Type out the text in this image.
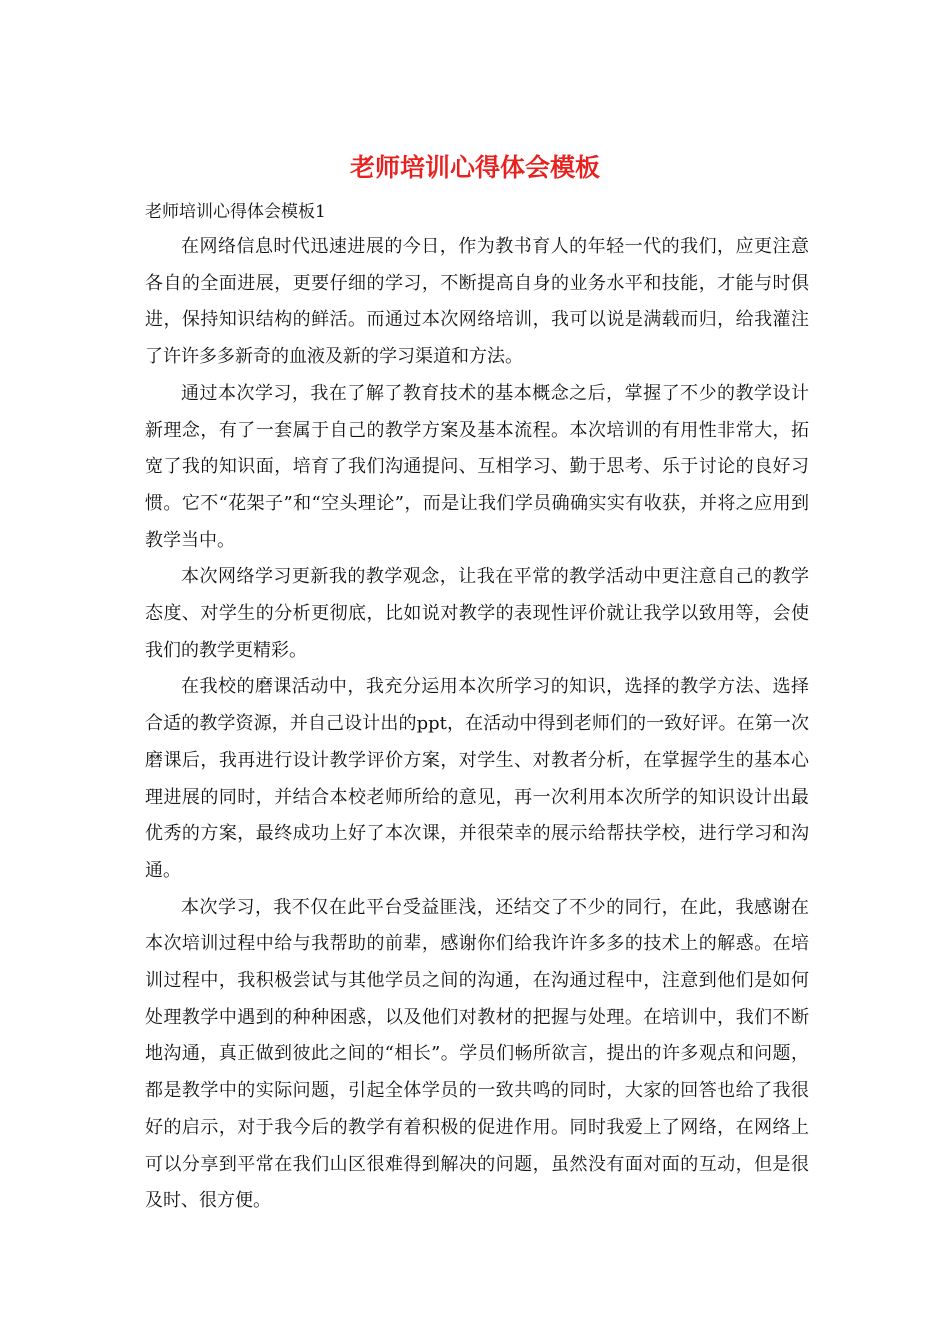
老师培训心得体会模板
老师培训心得体会模板1

在网络信息时代迅速进展的今日，作为教书育人的年轻一代的我们，应更注意各自的全面进展，更要仔细的学习，不断提高自身的业务水平和技能，才能与时俱进，保持知识结构的鲜活。而通过本次网络培训，我可以说是满载而归，给我灌注了许许多多新奇的血液及新的学习渠道和方法。

通过本次学习，我在了解了教育技术的基本概念之后，掌握了不少的教学设计新理念，有了一套属于自己的教学方案及基本流程。本次培训的有用性非常大，拓宽了我的知识面，培育了我们沟通提问、互相学习、勤于思考、乐于讨论的良好习惯。它不“花架子”和“空头理论”，而是让我们学员确确实实有收获，并将之应用到教学当中。

本次网络学习更新我的教学观念，让我在平常的教学活动中更注意自己的教学态度、对学生的分析更彻底，比如说对教学的表现性评价就让我学以致用等，会使我们的教学更精彩。

在我校的磨课活动中，我充分运用本次所学习的知识，选择的教学方法、选择合适的教学资源，并自己设计出的ppt，在活动中得到老师们的一致好评。在第一次磨课后，我再进行设计教学评价方案，对学生、对教者分析，在掌握学生的基本心理进展的同时，并结合本校老师所给的意见，再一次利用本次所学的知识设计出最优秀的方案，最终成功上好了本次课，并很荣幸的展示给帮扶学校，进行学习和沟通。

本次学习，我不仅在此平台受益匪浅，还结交了不少的同行，在此，我感谢在本次培训过程中给与我帮助的前辈，感谢你们给我许许多多的技术上的解惑。在培训过程中，我积极尝试与其他学员之间的沟通，在沟通过程中，注意到他们是如何处理教学中遇到的种种困惑，以及他们对教材的把握与处理。在培训中，我们不断地沟通，真正做到彼此之间的“相长”。学员们畅所欲言，提出的许多观点和问题，都是教学中的实际问题，引起全体学员的一致共鸣的同时，大家的回答也给了我很好的启示，对于我今后的教学有着积极的促进作用。同时我爱上了网络，在网络上可以分享到平常在我们山区很难得到解决的问题，虽然没有面对面的互动，但是很及时、很方便。
